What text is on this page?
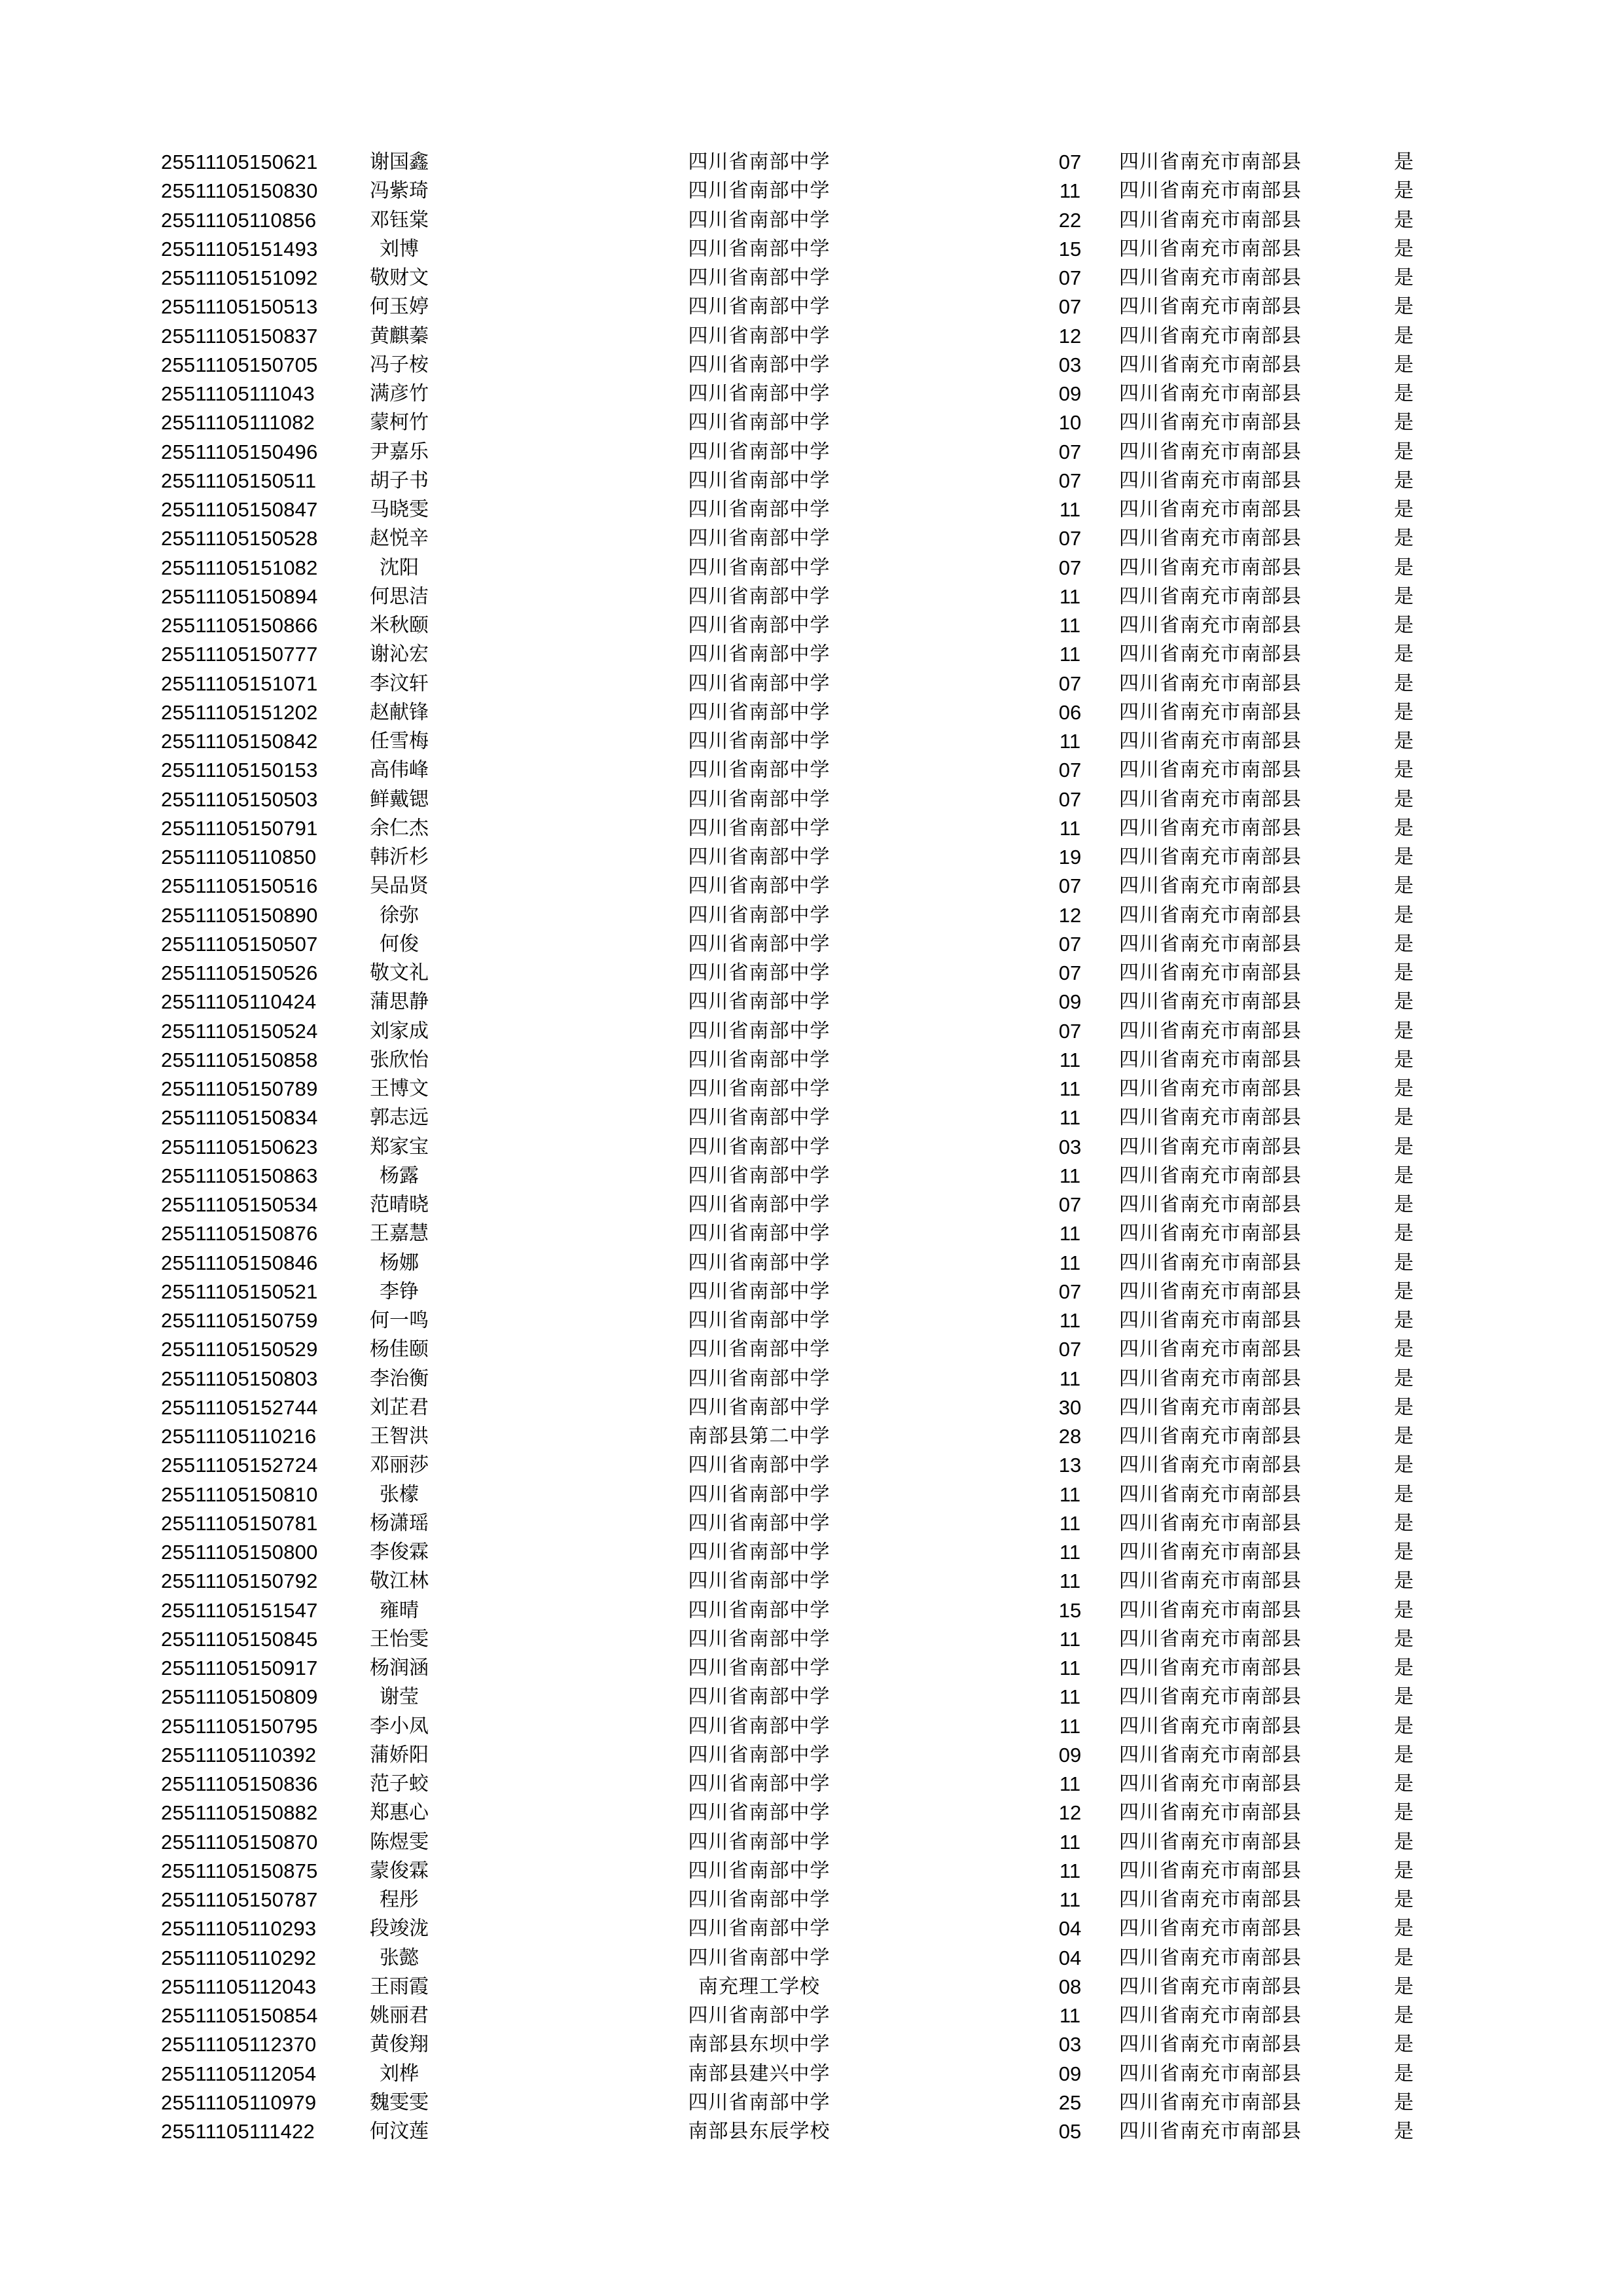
25511105150621	谢国鑫	四川省南部中学	07	四川省南充市南部县	是
25511105150830	冯紫琦	四川省南部中学	11	四川省南充市南部县	是
25511105110856	邓钰棠	四川省南部中学	22	四川省南充市南部县	是
25511105151493	刘博	四川省南部中学	15	四川省南充市南部县	是
25511105151092	敬财文	四川省南部中学	07	四川省南充市南部县	是
25511105150513	何玉婷	四川省南部中学	07	四川省南充市南部县	是
25511105150837	黄麒蓁	四川省南部中学	12	四川省南充市南部县	是
25511105150705	冯子桉	四川省南部中学	03	四川省南充市南部县	是
25511105111043	满彦竹	四川省南部中学	09	四川省南充市南部县	是
25511105111082	蒙柯竹	四川省南部中学	10	四川省南充市南部县	是
25511105150496	尹嘉乐	四川省南部中学	07	四川省南充市南部县	是
25511105150511	胡子书	四川省南部中学	07	四川省南充市南部县	是
25511105150847	马晓雯	四川省南部中学	11	四川省南充市南部县	是
25511105150528	赵悦辛	四川省南部中学	07	四川省南充市南部县	是
25511105151082	沈阳	四川省南部中学	07	四川省南充市南部县	是
25511105150894	何思洁	四川省南部中学	11	四川省南充市南部县	是
25511105150866	米秋颐	四川省南部中学	11	四川省南充市南部县	是
25511105150777	谢沁宏	四川省南部中学	11	四川省南充市南部县	是
25511105151071	李汶轩	四川省南部中学	07	四川省南充市南部县	是
25511105151202	赵献锋	四川省南部中学	06	四川省南充市南部县	是
25511105150842	任雪梅	四川省南部中学	11	四川省南充市南部县	是
25511105150153	高伟峰	四川省南部中学	07	四川省南充市南部县	是
25511105150503	鲜戴锶	四川省南部中学	07	四川省南充市南部县	是
25511105150791	余仁杰	四川省南部中学	11	四川省南充市南部县	是
25511105110850	韩沂杉	四川省南部中学	19	四川省南充市南部县	是
25511105150516	吴品贤	四川省南部中学	07	四川省南充市南部县	是
25511105150890	徐弥	四川省南部中学	12	四川省南充市南部县	是
25511105150507	何俊	四川省南部中学	07	四川省南充市南部县	是
25511105150526	敬文礼	四川省南部中学	07	四川省南充市南部县	是
25511105110424	蒲思静	四川省南部中学	09	四川省南充市南部县	是
25511105150524	刘家成	四川省南部中学	07	四川省南充市南部县	是
25511105150858	张欣怡	四川省南部中学	11	四川省南充市南部县	是
25511105150789	王博文	四川省南部中学	11	四川省南充市南部县	是
25511105150834	郭志远	四川省南部中学	11	四川省南充市南部县	是
25511105150623	郑家宝	四川省南部中学	03	四川省南充市南部县	是
25511105150863	杨露	四川省南部中学	11	四川省南充市南部县	是
25511105150534	范晴晓	四川省南部中学	07	四川省南充市南部县	是
25511105150876	王嘉慧	四川省南部中学	11	四川省南充市南部县	是
25511105150846	杨娜	四川省南部中学	11	四川省南充市南部县	是
25511105150521	李铮	四川省南部中学	07	四川省南充市南部县	是
25511105150759	何一鸣	四川省南部中学	11	四川省南充市南部县	是
25511105150529	杨佳颐	四川省南部中学	07	四川省南充市南部县	是
25511105150803	李治衡	四川省南部中学	11	四川省南充市南部县	是
25511105152744	刘芷君	四川省南部中学	30	四川省南充市南部县	是
25511105110216	王智洪	南部县第二中学	28	四川省南充市南部县	是
25511105152724	邓丽莎	四川省南部中学	13	四川省南充市南部县	是
25511105150810	张檬	四川省南部中学	11	四川省南充市南部县	是
25511105150781	杨潇瑶	四川省南部中学	11	四川省南充市南部县	是
25511105150800	李俊霖	四川省南部中学	11	四川省南充市南部县	是
25511105150792	敬江林	四川省南部中学	11	四川省南充市南部县	是
25511105151547	雍晴	四川省南部中学	15	四川省南充市南部县	是
25511105150845	王怡雯	四川省南部中学	11	四川省南充市南部县	是
25511105150917	杨润涵	四川省南部中学	11	四川省南充市南部县	是
25511105150809	谢莹	四川省南部中学	11	四川省南充市南部县	是
25511105150795	李小凤	四川省南部中学	11	四川省南充市南部县	是
25511105110392	蒲娇阳	四川省南部中学	09	四川省南充市南部县	是
25511105150836	范子蛟	四川省南部中学	11	四川省南充市南部县	是
25511105150882	郑惠心	四川省南部中学	12	四川省南充市南部县	是
25511105150870	陈煜雯	四川省南部中学	11	四川省南充市南部县	是
25511105150875	蒙俊霖	四川省南部中学	11	四川省南充市南部县	是
25511105150787	程彤	四川省南部中学	11	四川省南充市南部县	是
25511105110293	段竣泷	四川省南部中学	04	四川省南充市南部县	是
25511105110292	张懿	四川省南部中学	04	四川省南充市南部县	是
25511105112043	王雨霞	南充理工学校	08	四川省南充市南部县	是
25511105150854	姚丽君	四川省南部中学	11	四川省南充市南部县	是
25511105112370	黄俊翔	南部县东坝中学	03	四川省南充市南部县	是
25511105112054	刘桦	南部县建兴中学	09	四川省南充市南部县	是
25511105110979	魏雯雯	四川省南部中学	25	四川省南充市南部县	是
25511105111422	何汶莲	南部县东辰学校	05	四川省南充市南部县	是
